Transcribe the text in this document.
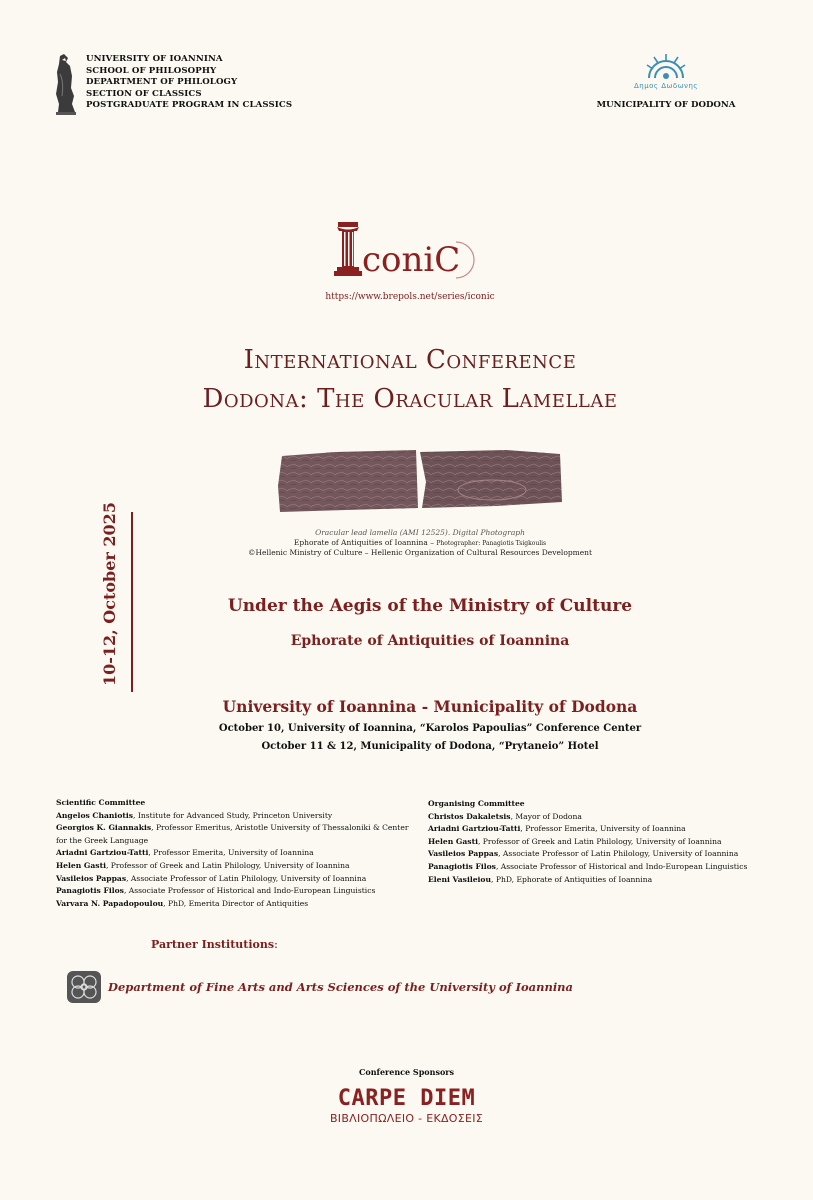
UNIVERSITY OF IOANNINA
SCHOOL OF PHILOSOPHY
DEPARTMENT OF PHILOLOGY
SECTION OF CLASSICS
POSTGRADUATE PROGRAM IN CLASSICS
Δημος Δωδωνης
MUNICIPALITY OF DODONA
coniC
https://www.brepols.net/series/iconic
International Conference
Dodona: The Oracular Lamellae
Oracular lead lamella (AMI 12525). Digital Photograph
Ephorate of Antiquities of Ioannina – Photographer: Panagiotis Tsigkoulis
©Hellenic Ministry of Culture – Hellenic Organization of Cultural Resources Development
10-12, October 2025	Under the Aegis of the Ministry of Culture
Ephorate of Antiquities of Ioannina
University of Ioannina - Municipality of Dodona
October 10, University of Ioannina, “Karolos Papoulias” Conference Center
October 11 & 12, Municipality of Dodona, “Prytaneio” Hotel
Scientific Committee
Angelos Chaniotis, Institute for Advanced Study, Princeton University
Georgios K. Giannakis, Professor Emeritus, Aristotle University of Thessaloniki & Center for the Greek Language
Ariadni Gartziou-Tatti, Professor Emerita, University of Ioannina
Helen Gasti, Professor of Greek and Latin Philology, University of Ioannina
Vasileios Pappas, Associate Professor of Latin Philology, University of Ioannina
Panagiotis Filos, Associate Professor of Historical and Indo-European Linguistics
Varvara N. Papadopoulou, PhD, Emerita Director of Antiquities
Organising Committee
Christos Dakaletsis, Mayor of Dodona
Ariadni Gartziou-Tatti, Professor Emerita, University of Ioannina
Helen Gasti, Professor of Greek and Latin Philology, University of Ioannina
Vasileios Pappas, Associate Professor of Latin Philology, University of Ioannina
Panagiotis Filos, Associate Professor of Historical and Indo-European Linguistics
Eleni Vasileiou, PhD, Ephorate of Antiquities of Ioannina
Partner Institutions:
Department of Fine Arts and Arts Sciences of the University of Ioannina
Conference Sponsors
CARPE DIEM
ΒΙΒΛΙΟΠΩΛΕΙΟ - ΕΚΔΟΣΕΙΣ
